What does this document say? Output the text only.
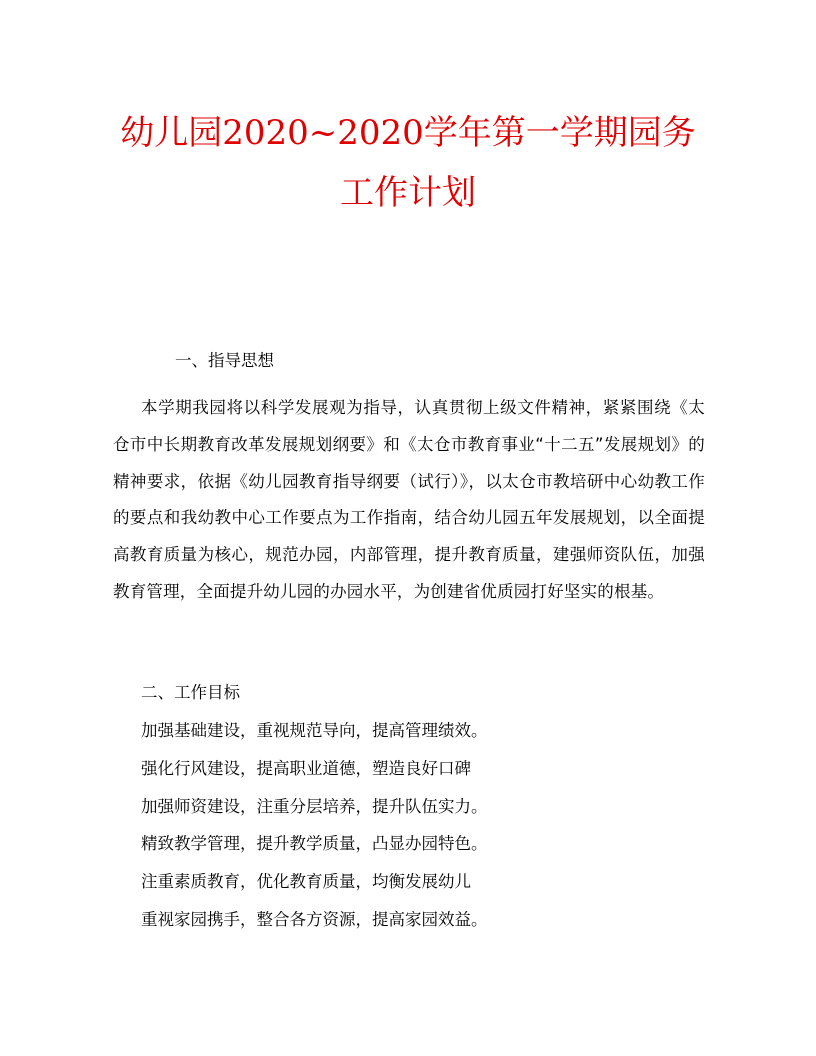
幼儿园2020~2020学年第一学期园务
工作计划
一、指导思想
本学期我园将以科学发展观为指导，认真贯彻上级文件精神，紧紧围绕《太仓市中长期教育改革发展规划纲要》和《太仓市教育事业“十二五”发展规划》的精神要求，依据《幼儿园教育指导纲要（试行）》，以太仓市教培研中心幼教工作的要点和我幼教中心工作要点为工作指南，结合幼儿园五年发展规划，以全面提高教育质量为核心，规范办园，内部管理，提升教育质量，建强师资队伍，加强教育管理，全面提升幼儿园的办园水平，为创建省优质园打好坚实的根基。
二、工作目标
加强基础建设，重视规范导向，提高管理绩效。
强化行风建设，提高职业道德，塑造良好口碑
加强师资建设，注重分层培养，提升队伍实力。
精致教学管理，提升教学质量，凸显办园特色。
注重素质教育，优化教育质量，均衡发展幼儿
重视家园携手，整合各方资源，提高家园效益。
